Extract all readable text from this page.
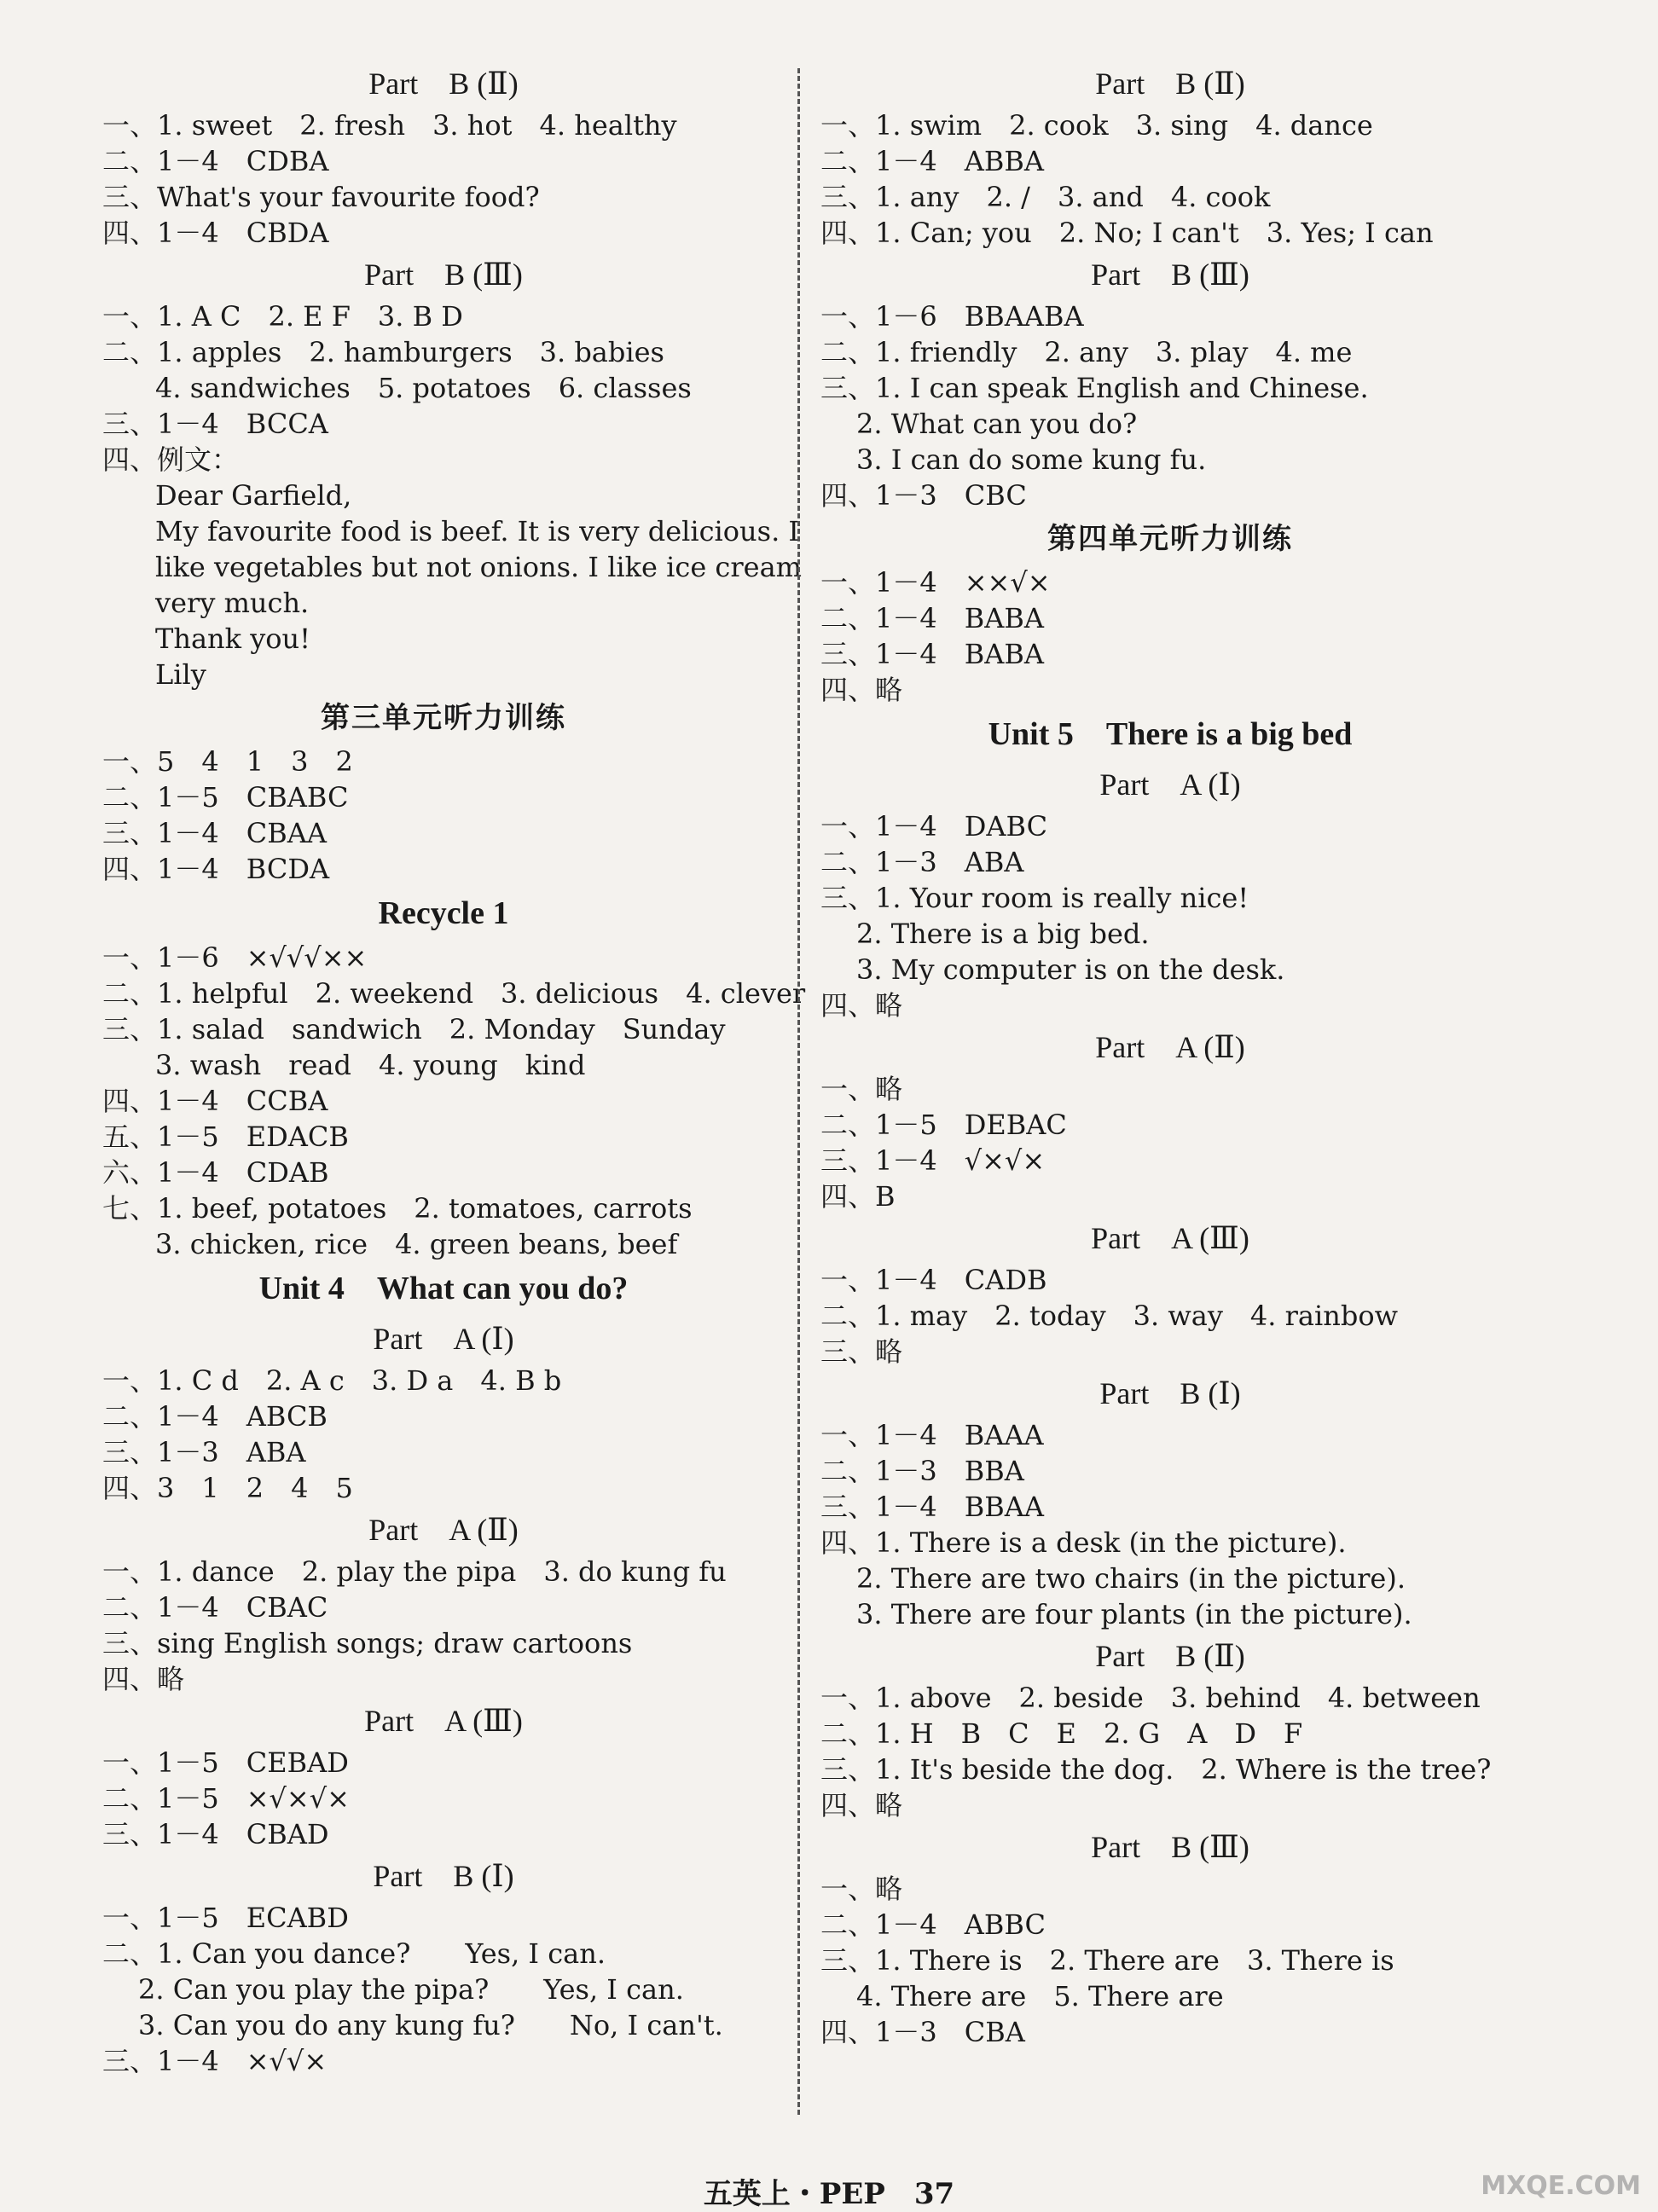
Part　B (Ⅱ)
一、1. sweet　2. fresh　3. hot　4. healthy
二、1－4　CDBA
三、What's your favourite food?
四、1－4　CBDA
Part　B (Ⅲ)
一、1. A C　2. E F　3. B D
二、1. apples　2. hamburgers　3. babies
4. sandwiches　5. potatoes　6. classes
三、1－4　BCCA
四、例文：
Dear Garfield,
My favourite food is beef. It is very delicious. I
like vegetables but not onions. I like ice cream
very much.
Thank you!
Lily
第三单元听力训练
一、5　4　1　3　2
二、1－5　CBABC
三、1－4　CBAA
四、1－4　BCDA
Recycle 1
一、1－6　×√√√××
二、1. helpful　2. weekend　3. delicious　4. clever
三、1. salad　sandwich　2. Monday　Sunday
3. wash　read　4. young　kind
四、1－4　CCBA
五、1－5　EDACB
六、1－4　CDAB
七、1. beef, potatoes　2. tomatoes, carrots
3. chicken, rice　4. green beans, beef
Unit 4　What can you do?
Part　A (Ⅰ)
一、1. C d　2. A c　3. D a　4. B b
二、1－4　ABCB
三、1－3　ABA
四、3　1　2　4　5
Part　A (Ⅱ)
一、1. dance　2. play the pipa　3. do kung fu
二、1－4　CBAC
三、sing English songs; draw cartoons
四、略
Part　A (Ⅲ)
一、1－5　CEBAD
二、1－5　×√×√×
三、1－4　CBAD
Part　B (Ⅰ)
一、1－5　ECABD
二、1. Can you dance?　　Yes, I can.
2. Can you play the pipa?　　Yes, I can.
3. Can you do any kung fu?　　No, I can't.
三、1－4　×√√×
Part　B (Ⅱ)
一、1. swim　2. cook　3. sing　4. dance
二、1－4　ABBA
三、1. any　2. /　3. and　4. cook
四、1. Can; you　2. No; I can't　3. Yes; I can
Part　B (Ⅲ)
一、1－6　BBAABA
二、1. friendly　2. any　3. play　4. me
三、1. I can speak English and Chinese.
2. What can you do?
3. I can do some kung fu.
四、1－3　CBC
第四单元听力训练
一、1－4　××√×
二、1－4　BABA
三、1－4　BABA
四、略
Unit 5　There is a big bed
Part　A (Ⅰ)
一、1－4　DABC
二、1－3　ABA
三、1. Your room is really nice!
2. There is a big bed.
3. My computer is on the desk.
四、略
Part　A (Ⅱ)
一、略
二、1－5　DEBAC
三、1－4　√×√×
四、B
Part　A (Ⅲ)
一、1－4　CADB
二、1. may　2. today　3. way　4. rainbow
三、略
Part　B (Ⅰ)
一、1－4　BAAA
二、1－3　BBA
三、1－4　BBAA
四、1. There is a desk (in the picture).
2. There are two chairs (in the picture).
3. There are four plants (in the picture).
Part　B (Ⅱ)
一、1. above　2. beside　3. behind　4. between
二、1. H　B　C　E　2. G　A　D　F
三、1. It's beside the dog.　2. Where is the tree?
四、略
Part　B (Ⅲ)
一、略
二、1－4　ABBC
三、1. There is　2. There are　3. There is
4. There are　5. There are
四、1－3　CBA
五英上・PEP　37	MXQE.COM
